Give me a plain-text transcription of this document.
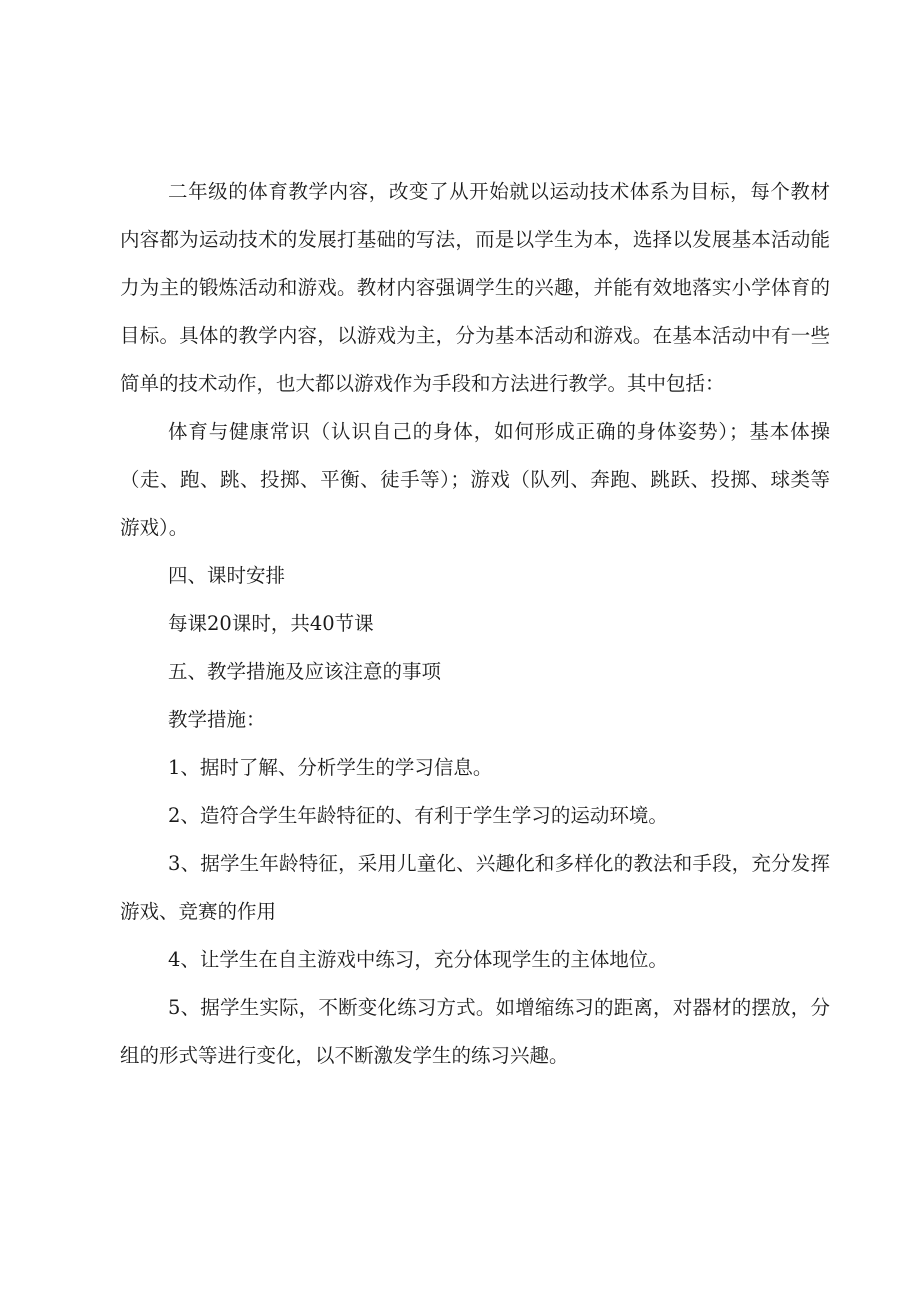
二年级的体育教学内容，改变了从开始就以运动技术体系为目标，每个教材内容都为运动技术的发展打基础的写法，而是以学生为本，选择以发展基本活动能力为主的锻炼活动和游戏。教材内容强调学生的兴趣，并能有效地落实小学体育的目标。具体的教学内容，以游戏为主，分为基本活动和游戏。在基本活动中有一些简单的技术动作，也大都以游戏作为手段和方法进行教学。其中包括：

体育与健康常识（认识自己的身体，如何形成正确的身体姿势）；基本体操（走、跑、跳、投掷、平衡、徒手等）；游戏（队列、奔跑、跳跃、投掷、球类等游戏）。

四、课时安排

每课20课时，共40节课

五、教学措施及应该注意的事项

教学措施：

1、据时了解、分析学生的学习信息。

2、造符合学生年龄特征的、有利于学生学习的运动环境。

3、据学生年龄特征，采用儿童化、兴趣化和多样化的教法和手段，充分发挥游戏、竞赛的作用

4、让学生在自主游戏中练习，充分体现学生的主体地位。

5、据学生实际，不断变化练习方式。如增缩练习的距离，对器材的摆放，分组的形式等进行变化，以不断激发学生的练习兴趣。
